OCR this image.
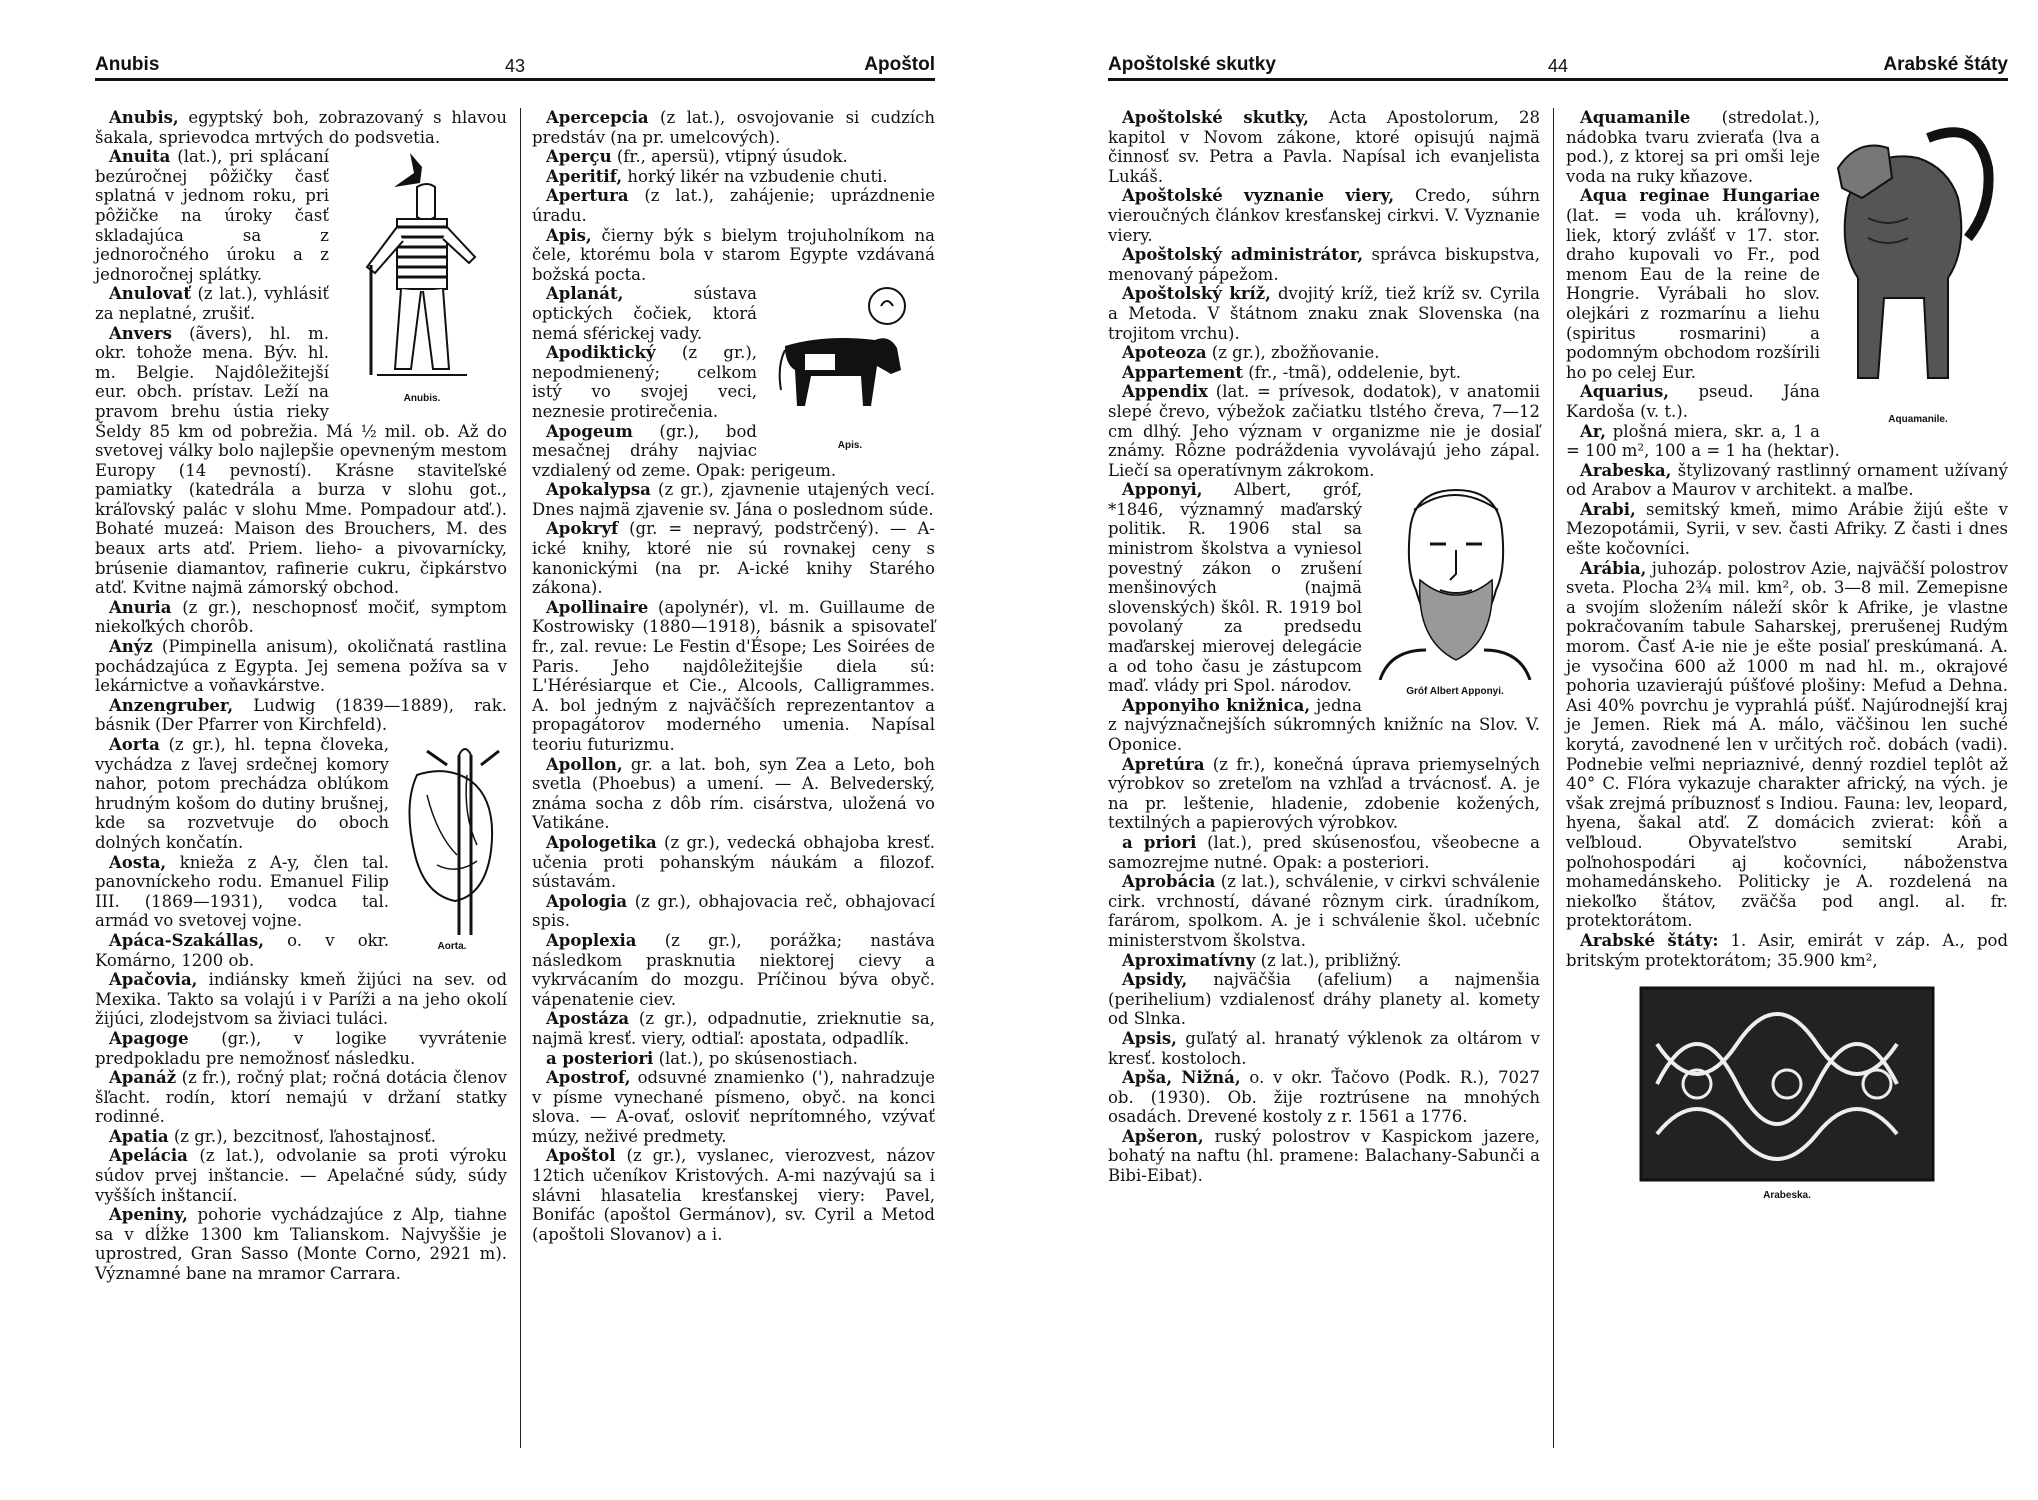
Anubis	43	Apoštol

Anubis, egyptský boh, zobrazovaný s hlavou šakala, sprievodca mrtvých do podsvetia.

Anubis.

Anuita (lat.), pri splácaní bezúročnej pôžičky časť splatná v jednom roku, pri pôžičke na úroky časť skladajúca sa z jednoročného úroku a z jednoročnej splátky.

Anulovať (z lat.), vyhlásiť za neplatné, zrušiť.

Anvers (ãvers), hl. m. okr. tohože mena. Býv. hl. m. Belgie. Najdôležitejší eur. obch. prístav. Leží na pravom brehu ústia rieky Šeldy 85 km od pobrežia. Má ½ mil. ob. Až do svetovej války bolo najlepšie opevneným mestom Europy (14 pevností). Krásne staviteľské pamiatky (katedrála a burza v slohu got., kráľovský palác v slohu Mme. Pompadour atď.). Bohaté muzeá: Maison des Brouchers, M. des beaux arts atď. Priem. lieho- a pivovarnícky, brúsenie diamantov, rafinerie cukru, čipkárstvo atď. Kvitne najmä zámorský obchod.

Anuria (z gr.), neschopnosť močiť, symptom niekoľkých chorôb.

Anýz (Pimpinella anisum), okoličnatá rastlina pochádzajúca z Egypta. Jej semena požíva sa v lekárnictve a voňavkárstve.

Anzengruber, Ludwig (1839—1889), rak. básnik (Der Pfarrer von Kirchfeld).

Aorta.

Aorta (z gr.), hl. tepna človeka, vychádza z ľavej srdečnej komory nahor, potom prechádza oblúkom hrudným košom do dutiny brušnej, kde sa rozvetvuje do oboch dolných končatín.

Aosta, knieža z A-y, člen tal. panovníckeho rodu. Emanuel Filip III. (1869—1931), vodca tal. armád vo svetovej vojne.

Apáca-Szakállas, o. v okr. Komárno, 1200 ob.

Apačovia, indiánsky kmeň žijúci na sev. od Mexika. Takto sa volajú i v Paríži a na jeho okolí žijúci, zlodejstvom sa živiaci tuláci.

Apagoge (gr.), v logike vyvrátenie predpokladu pre nemožnosť následku.

Apanáž (z fr.), ročný plat; ročná dotácia členov šľacht. rodín, ktorí nemajú v držaní statky rodinné.

Apatia (z gr.), bezcitnosť, ľahostajnosť.

Apelácia (z lat.), odvolanie sa proti výroku súdov prvej inštancie. — Apelačné súdy, súdy vyšších inštancií.

Apeniny, pohorie vychádzajúce z Alp, tiahne sa v dĺžke 1300 km Talianskom. Najvyššie je uprostred, Gran Sasso (Monte Corno, 2921 m). Významné bane na mramor Carrara.

Apercepcia (z lat.), osvojovanie si cudzích predstáv (na pr. umelcových).

Aperçu (fr., apersü), vtipný úsudok.

Aperitif, horký likér na vzbudenie chuti.

Apertura (z lat.), zahájenie; uprázdnenie úradu.

Apis, čierny býk s bielym trojuholníkom na čele, ktorému bola v starom Egypte vzdávaná božská pocta.

Apis.

Aplanát, sústava optických čočiek, ktorá nemá sférickej vady.

Apodiktický (z gr.), nepodmienený; celkom istý vo svojej veci, neznesie protirečenia.

Apogeum (gr.), bod mesačnej dráhy najviac vzdialený od zeme. Opak: perigeum.

Apokalypsa (z gr.), zjavnenie utajených vecí. Dnes najmä zjavenie sv. Jána o poslednom súde.

Apokryf (gr. = nepravý, podstrčený). — A-ické knihy, ktoré nie sú rovnakej ceny s kanonickými (na pr. A-ické knihy Starého zákona).

Apollinaire (apolynér), vl. m. Guillaume de Kostrowisky (1880—1918), básnik a spisovateľ fr., zal. revue: Le Festin d'Ésope; Les Soirées de Paris. Jeho najdôležitejšie diela sú: L'Hérésiarque et Cie., Alcools, Calligrammes. A. bol jedným z najväčších reprezentantov a propagátorov moderného umenia. Napísal teoriu futurizmu.

Apollon, gr. a lat. boh, syn Zea a Leto, boh svetla (Phoebus) a umení. — A. Belvederský, známa socha z dôb rím. cisárstva, uložená vo Vatikáne.

Apologetika (z gr.), vedecká obhajoba kresť. učenia proti pohanským náukám a filozof. sústavám.

Apologia (z gr.), obhajovacia reč, obhajovací spis.

Apoplexia (z gr.), porážka; nastáva následkom prasknutia niektorej cievy a vykrvácaním do mozgu. Príčinou býva obyč. vápenatenie ciev.

Apostáza (z gr.), odpadnutie, zrieknutie sa, najmä kresť. viery, odtiaľ: apostata, odpadlík.

a posteriori (lat.), po skúsenostiach.

Apostrof, odsuvné znamienko ('), nahradzuje v písme vynechané písmeno, obyč. na konci slova. — A-ovať, osloviť neprítomného, vzývať múzy, neživé predmety.

Apoštol (z gr.), vyslanec, vierozvest, názov 12tich učeníkov Kristových. A-mi nazývajú sa i slávni hlasatelia kresťanskej viery: Pavel, Bonifác (apoštol Germánov), sv. Cyril a Metod (apoštoli Slovanov) a i.

Apoštolské skutky	44	Arabské štáty

Apoštolské skutky, Acta Apostolorum, 28 kapitol v Novom zákone, ktoré opisujú najmä činnosť sv. Petra a Pavla. Napísal ich evanjelista Lukáš.

Apoštolské vyznanie viery, Credo, súhrn vieroučných článkov kresťanskej cirkvi. V. Vyznanie viery.

Apoštolský administrátor, správca biskupstva, menovaný pápežom.

Apoštolský kríž, dvojitý kríž, tiež kríž sv. Cyrila a Metoda. V štátnom znaku znak Slovenska (na trojitom vrchu).

Apoteoza (z gr.), zbožňovanie.

Appartement (fr., -tmã), oddelenie, byt.

Appendix (lat. = prívesok, dodatok), v anatomii slepé črevo, výbežok začiatku tlstého čreva, 7—12 cm dlhý. Jeho význam v organizme nie je dosiaľ známy. Rôzne podráždenia vyvolávajú jeho zápal. Liečí sa operatívnym zákrokom.

Gróf Albert Apponyi.

Apponyi, Albert, gróf, *1846, významný maďarský politik. R. 1906 stal sa ministrom školstva a vyniesol povestný zákon o zrušení menšinových (najmä slovenských) škôl. R. 1919 bol povolaný za predsedu maďarskej mierovej delegácie a od toho času je zástupcom maď. vlády pri Spol. národov.

Apponyiho knižnica, jedna z najvýznačnejších súkromných knižníc na Slov. V. Oponice.

Apretúra (z fr.), konečná úprava priemyselných výrobkov so zreteľom na vzhľad a trvácnosť. A. je na pr. leštenie, hladenie, zdobenie kožených, textilných a papierových výrobkov.

a priori (lat.), pred skúsenosťou, všeobecne a samozrejme nutné. Opak: a posteriori.

Aprobácia (z lat.), schválenie, v cirkvi schválenie cirk. vrchností, dávané rôznym cirk. úradníkom, farárom, spolkom. A. je i schválenie škol. učebníc ministerstvom školstva.

Aproximatívny (z lat.), približný.

Apsidy, najväčšia (afelium) a najmenšia (perihelium) vzdialenosť dráhy planety al. komety od Slnka.

Apsis, guľatý al. hranatý výklenok za oltárom v kresť. kostoloch.

Apša, Nižná, o. v okr. Ťačovo (Podk. R.), 7027 ob. (1930). Ob. žije roztrúsene na mnohých osadách. Drevené kostoly z r. 1561 a 1776.

Apšeron, ruský polostrov v Kaspickom jazere, bohatý na naftu (hl. pramene: Balachany-Sabunči a Bibi-Eibat).

Aquamanile.

Aquamanile (stredolat.), nádobka tvaru zvieraťa (lva a pod.), z ktorej sa pri omši leje voda na ruky kňazove.

Aqua reginae Hungariae (lat. = voda uh. kráľovny), liek, ktorý zvlášť v 17. stor. draho kupovali vo Fr., pod menom Eau de la reine de Hongrie. Vyrábali ho slov. olejkári z rozmarínu a liehu (spiritus rosmarini) a podomným obchodom rozšírili ho po celej Eur.

Aquarius, pseud. Jána Kardoša (v. t.).

Ar, plošná miera, skr. a, 1 a = 100 m², 100 a = 1 ha (hektar).

Arabeska, štylizovaný rastlinný ornament užívaný od Arabov a Maurov v architekt. a maľbe.

Arabi, semitský kmeň, mimo Arábie žijú ešte v Mezopotámii, Syrii, v sev. časti Afriky. Z časti i dnes ešte kočovníci.

Arábia, juhozáp. polostrov Azie, najväčší polostrov sveta. Plocha 2¾ mil. km², ob. 3—8 mil. Zemepisne a svojím složením náleží skôr k Afrike, je vlastne pokračovaním tabule Saharskej, prerušenej Rudým morom. Časť A-ie nie je ešte posiaľ preskúmaná. A. je vysočina 600 až 1000 m nad hl. m., okrajové pohoria uzavierajú púšťové plošiny: Mefud a Dehna. Asi 40% povrchu je vyprahlá púšť. Najúrodnejší kraj je Jemen. Riek má A. málo, väčšinou len suché korytá, zavodnené len v určitých roč. dobách (vadi). Podnebie veľmi nepriaznivé, denný rozdiel teplôt až 40° C. Flóra vykazuje charakter africký, na vých. je však zrejmá príbuznosť s Indiou. Fauna: lev, leopard, hyena, šakal atď. Z domácich zvierat: kôň a veľbloud. Obyvateľstvo semitskí Arabi, poľnohospodári aj kočovníci, náboženstva mohamedánskeho. Politicky je A. rozdelená na niekoľko štátov, zväčša pod angl. al. fr. protektorátom.

Arabské štáty: 1. Asir, emirát v záp. A., pod britským protektorátom; 35.900 km²,

Arabeska.
